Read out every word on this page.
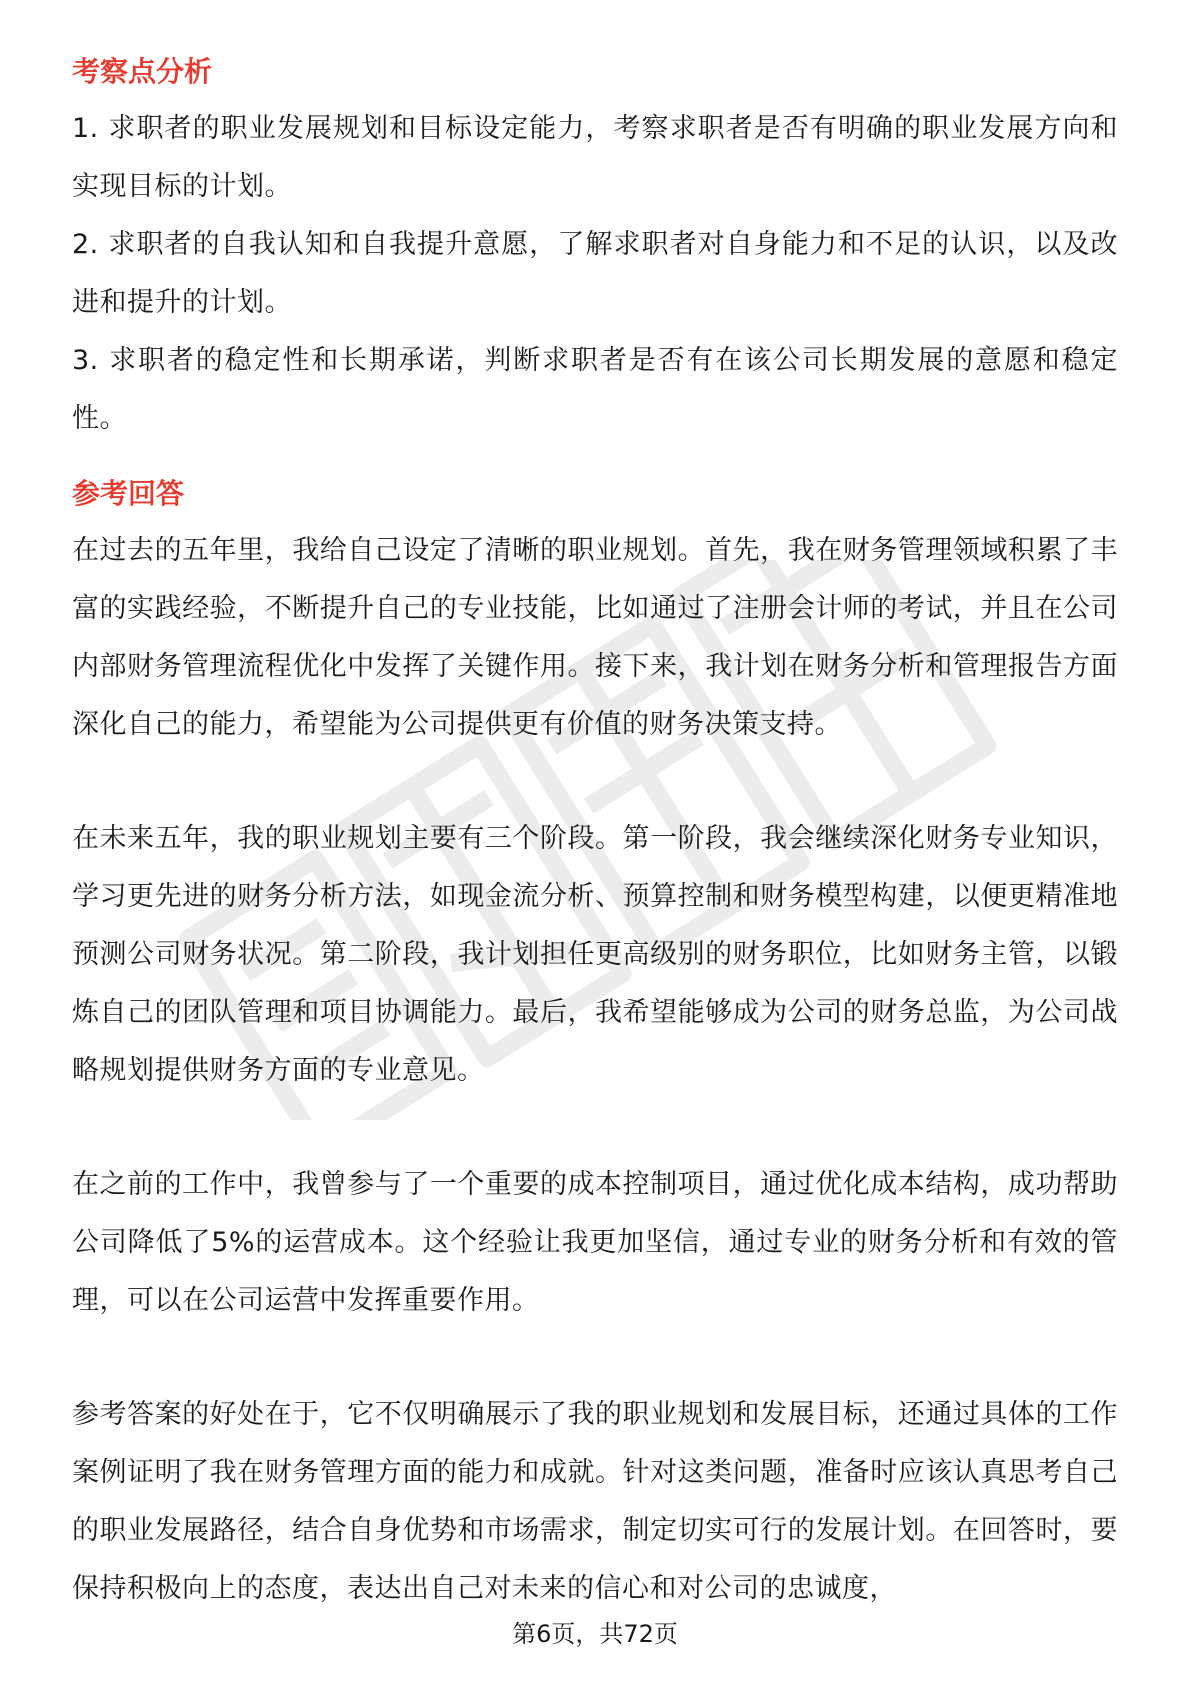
考察点分析

1. 求职者的职业发展规划和目标设定能力，考察求职者是否有明确的职业发展方向和实现目标的计划。

2. 求职者的自我认知和自我提升意愿，了解求职者对自身能力和不足的认识，以及改进和提升的计划。

3. 求职者的稳定性和长期承诺，判断求职者是否有在该公司长期发展的意愿和稳定性。

参考回答

在过去的五年里，我给自己设定了清晰的职业规划。首先，我在财务管理领域积累了丰富的实践经验，不断提升自己的专业技能，比如通过了注册会计师的考试，并且在公司内部财务管理流程优化中发挥了关键作用。接下来，我计划在财务分析和管理报告方面深化自己的能力，希望能为公司提供更有价值的财务决策支持。

在未来五年，我的职业规划主要有三个阶段。第一阶段，我会继续深化财务专业知识，学习更先进的财务分析方法，如现金流分析、预算控制和财务模型构建，以便更精准地预测公司财务状况。第二阶段，我计划担任更高级别的财务职位，比如财务主管，以锻炼自己的团队管理和项目协调能力。最后，我希望能够成为公司的财务总监，为公司战略规划提供财务方面的专业意见。

在之前的工作中，我曾参与了一个重要的成本控制项目，通过优化成本结构，成功帮助公司降低了5%的运营成本。这个经验让我更加坚信，通过专业的财务分析和有效的管理，可以在公司运营中发挥重要作用。

参考答案的好处在于，它不仅明确展示了我的职业规划和发展目标，还通过具体的工作案例证明了我在财务管理方面的能力和成就。针对这类问题，准备时应该认真思考自己的职业发展路径，结合自身优势和市场需求，制定切实可行的发展计划。在回答时，要保持积极向上的态度，表达出自己对未来的信心和对公司的忠诚度，

第6页，共72页
